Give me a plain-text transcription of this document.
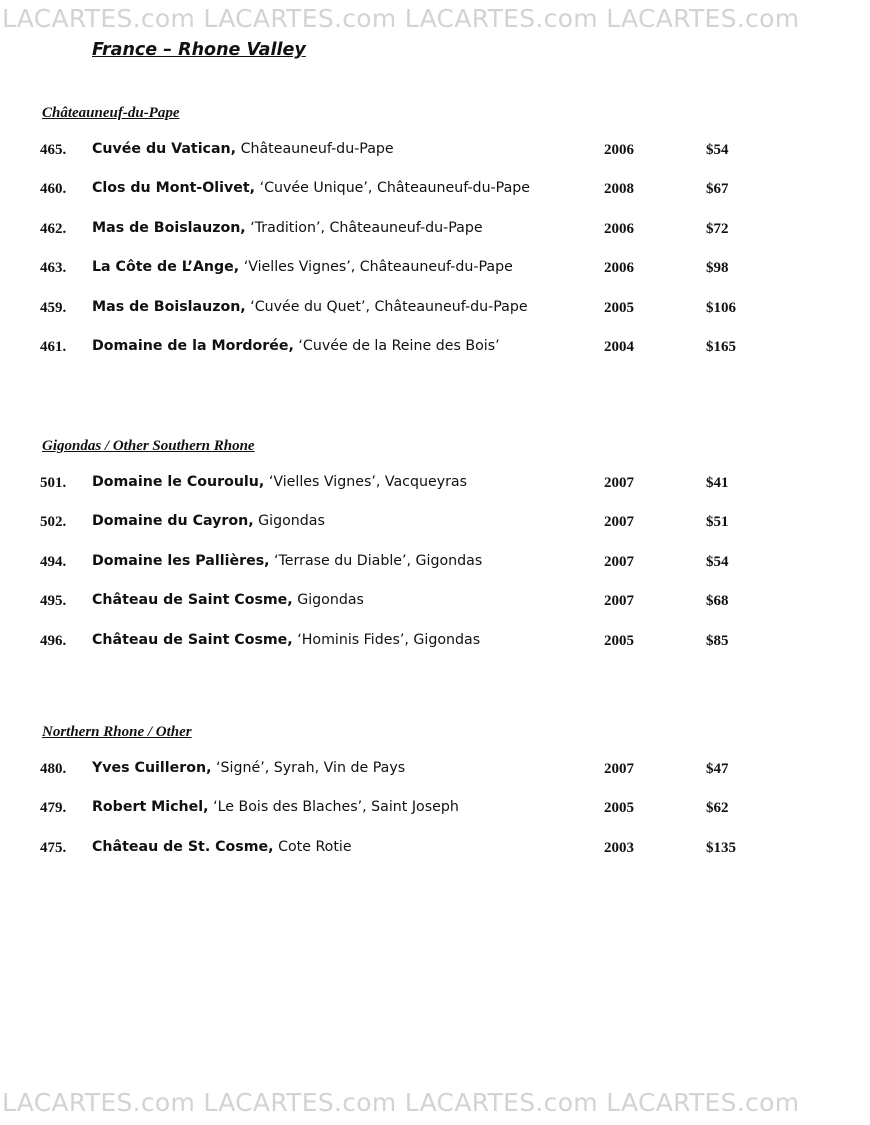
LACARTES.com LACARTES.com LACARTES.com LACARTES.com
France – Rhone Valley
Châteauneuf-du-Pape
465. Cuvée du Vatican, Châteauneuf-du-Pape	2006	$54
460. Clos du Mont-Olivet, ‘Cuvée Unique’, Châteauneuf-du-Pape	2008	$67
462. Mas de Boislauzon, ‘Tradition’, Châteauneuf-du-Pape	2006	$72
463. La Côte de L’Ange, ‘Vielles Vignes’, Châteauneuf-du-Pape	2006	$98
459. Mas de Boislauzon, ‘Cuvée du Quet’, Châteauneuf-du-Pape	2005	$106
461. Domaine de la Mordorée, ‘Cuvée de la Reine des Bois’	2004	$165
Gigondas / Other Southern Rhone
501. Domaine le Couroulu, ‘Vielles Vignes’, Vacqueyras	2007	$41
502. Domaine du Cayron, Gigondas	2007	$51
494. Domaine les Pallières, ‘Terrase du Diable’, Gigondas	2007	$54
495. Château de Saint Cosme, Gigondas	2007	$68
496. Château de Saint Cosme, ‘Hominis Fides’, Gigondas	2005	$85
Northern Rhone / Other
480. Yves Cuilleron, ‘Signé’, Syrah, Vin de Pays	2007	$47
479. Robert Michel, ‘Le Bois des Blaches’, Saint Joseph	2005	$62
475. Château de St. Cosme, Cote Rotie	2003	$135
LACARTES.com LACARTES.com LACARTES.com LACARTES.com
